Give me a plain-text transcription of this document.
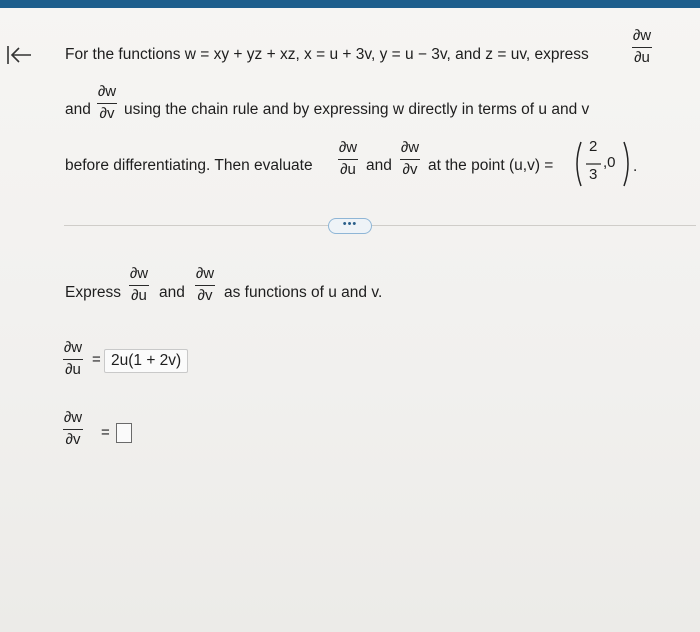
For the functions w = xy + yz + xz, x = u + 3v, y = u − 3v, and z = uv, express
∂w
∂u
and
∂w
∂v using the chain rule and by expressing w directly in terms of u and v
before differentiating. Then evaluate
∂w
∂u and
∂w
∂v at the point (u,v) =
2
3
,0 .
•••
Express
∂w
∂u and
∂w
∂v as functions of u and v.
∂w
∂u
= 2u(1 + 2v)
∂w
∂v	=
